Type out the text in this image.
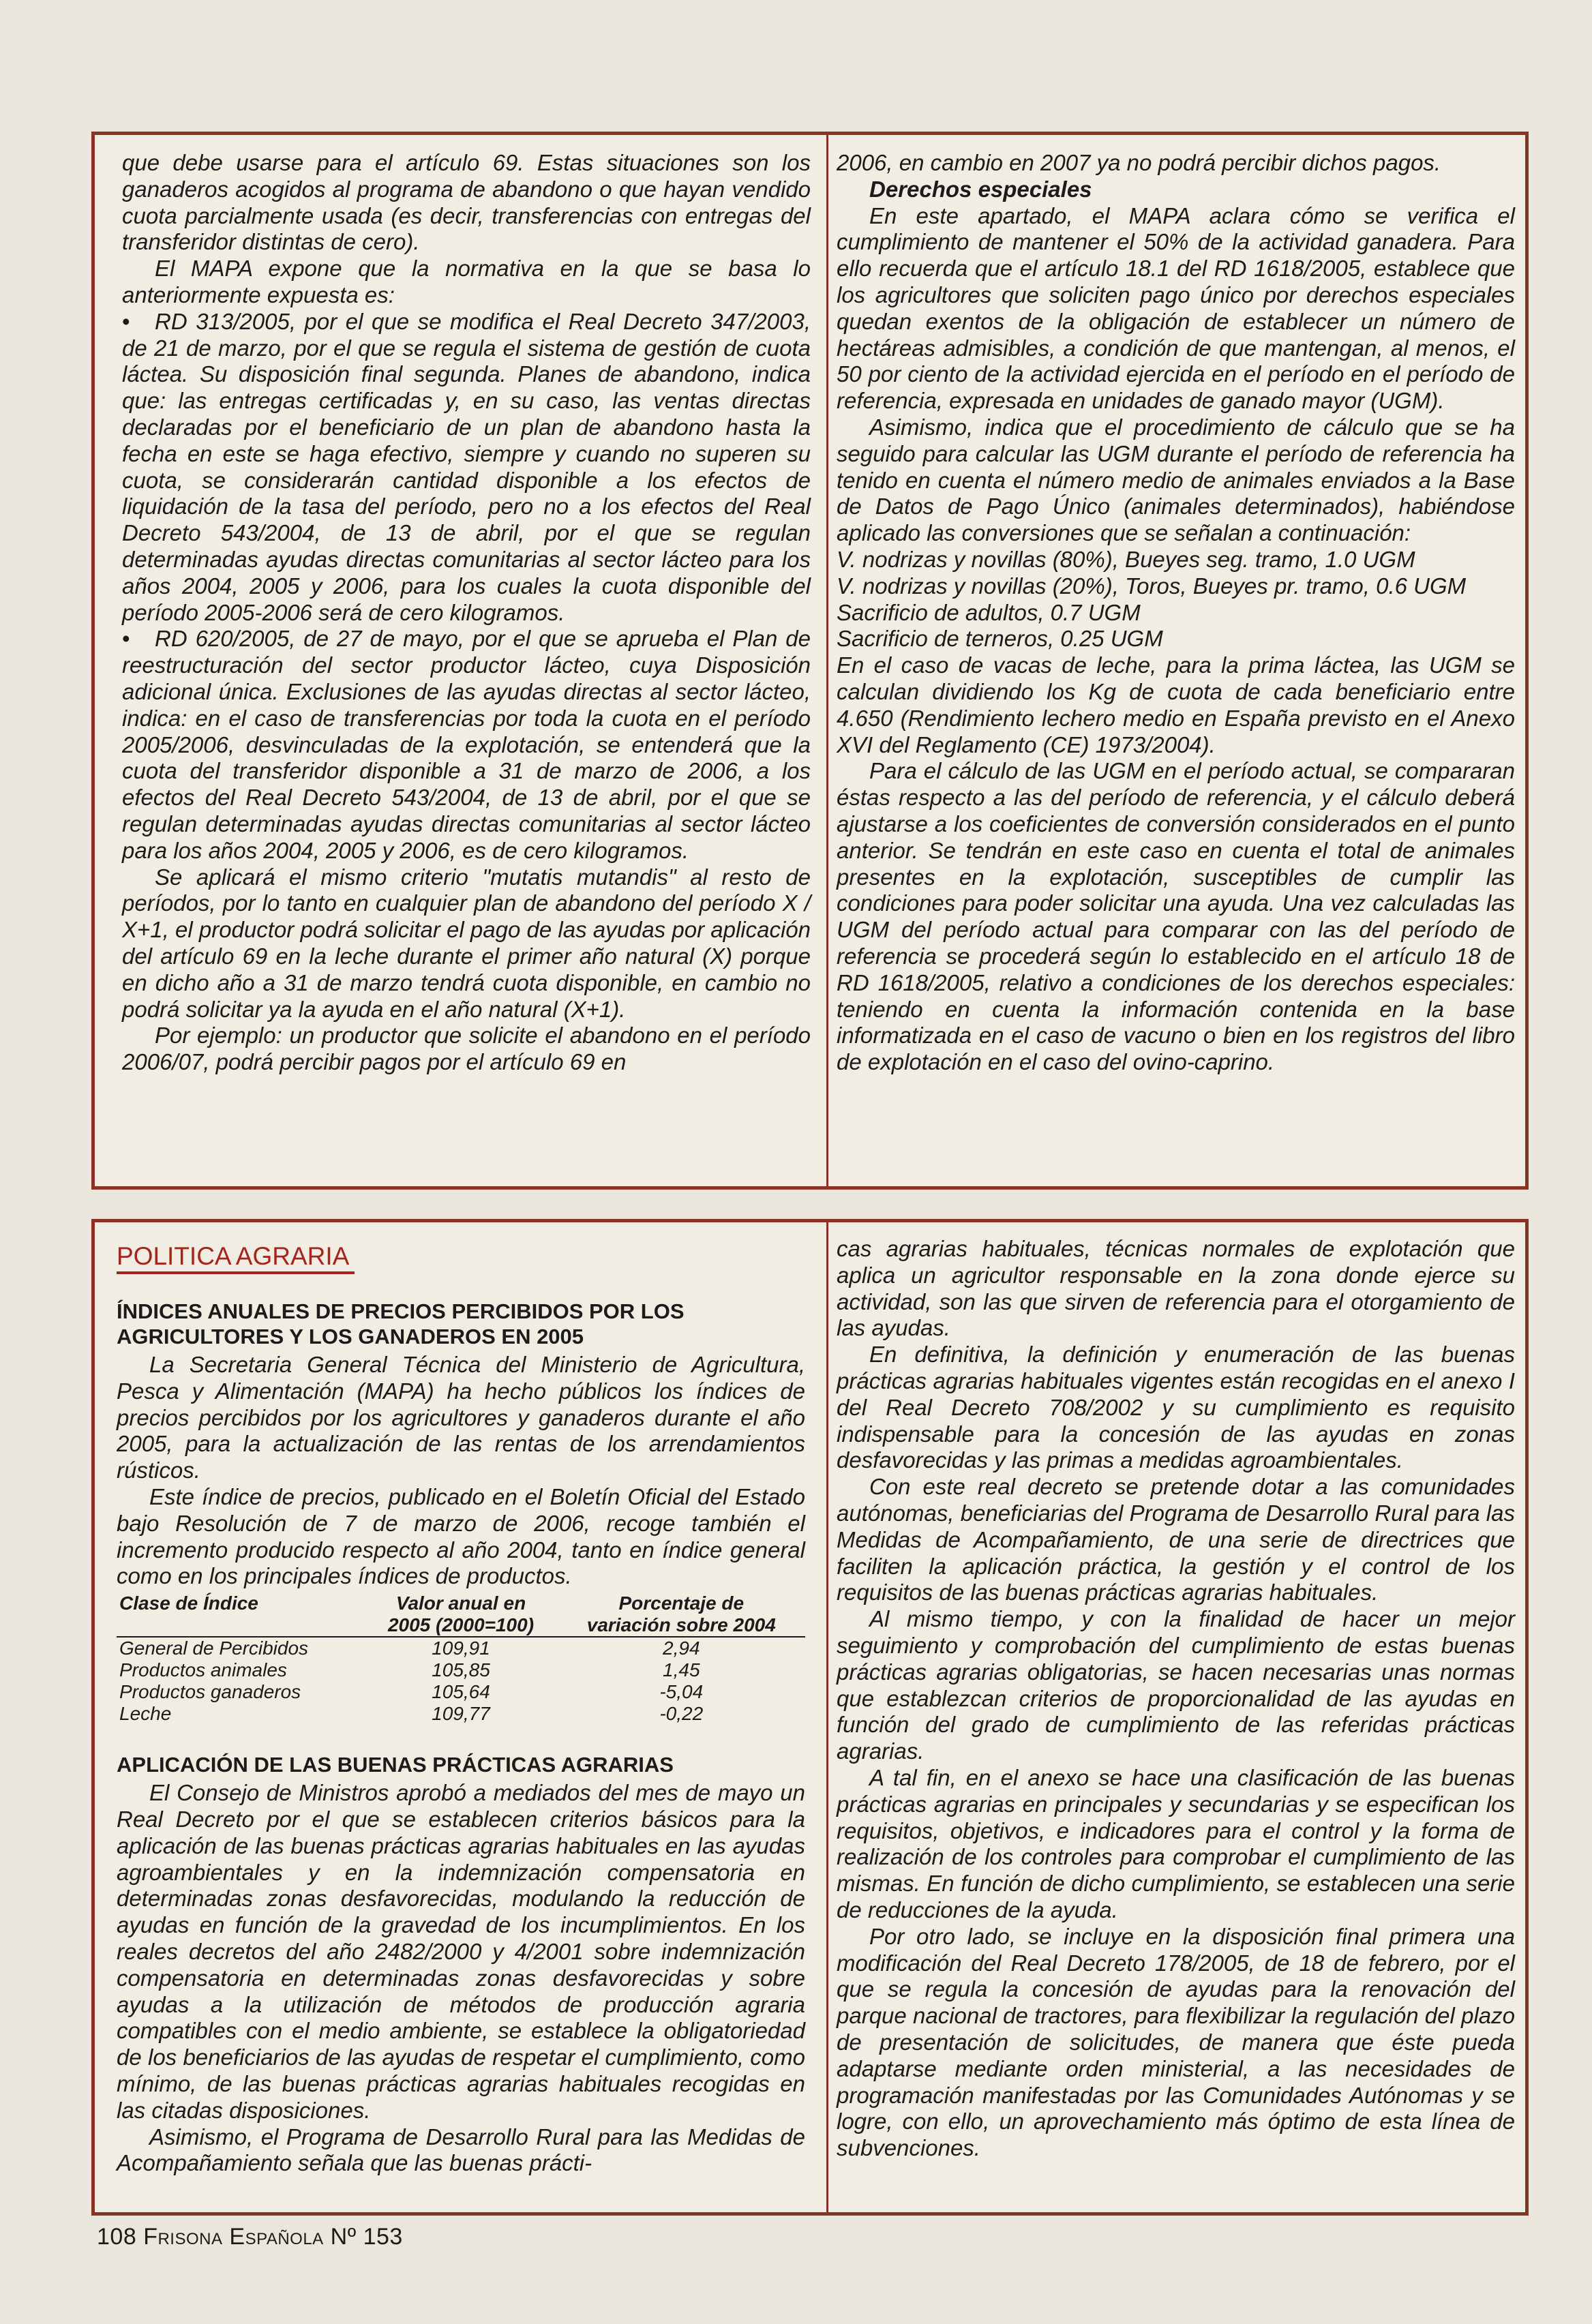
que debe usarse para el artículo 69. Estas situaciones son los ganaderos acogidos al programa de abandono o que hayan vendido cuota parcialmente usada (es decir, transferencias con entregas del transferidor distintas de cero).

El MAPA expone que la normativa en la que se basa lo anteriormente expuesta es:

• RD 313/2005, por el que se modifica el Real Decreto 347/2003, de 21 de marzo, por el que se regula el sistema de gestión de cuota láctea. Su disposición final segunda. Planes de abandono, indica que: las entregas certificadas y, en su caso, las ventas directas declaradas por el beneficiario de un plan de abandono hasta la fecha en este se haga efectivo, siempre y cuando no superen su cuota, se considerarán cantidad disponible a los efectos de liquidación de la tasa del período, pero no a los efectos del Real Decreto 543/2004, de 13 de abril, por el que se regulan determinadas ayudas directas comunitarias al sector lácteo para los años 2004, 2005 y 2006, para los cuales la cuota disponible del período 2005-2006 será de cero kilogramos.

• RD 620/2005, de 27 de mayo, por el que se aprueba el Plan de reestructuración del sector productor lácteo, cuya Disposición adicional única. Exclusiones de las ayudas directas al sector lácteo, indica: en el caso de transferencias por toda la cuota en el período 2005/2006, desvinculadas de la explotación, se entenderá que la cuota del transferidor disponible a 31 de marzo de 2006, a los efectos del Real Decreto 543/2004, de 13 de abril, por el que se regulan determinadas ayudas directas comunitarias al sector lácteo para los años 2004, 2005 y 2006, es de cero kilogramos.

Se aplicará el mismo criterio "mutatis mutandis" al resto de períodos, por lo tanto en cualquier plan de abandono del período X / X+1, el productor podrá solicitar el pago de las ayudas por aplicación del artículo 69 en la leche durante el primer año natural (X) porque en dicho año a 31 de marzo tendrá cuota disponible, en cambio no podrá solicitar ya la ayuda en el año natural (X+1).

Por ejemplo: un productor que solicite el abandono en el período 2006/07, podrá percibir pagos por el artículo 69 en

2006, en cambio en 2007 ya no podrá percibir dichos pagos.

Derechos especiales

En este apartado, el MAPA aclara cómo se verifica el cumplimiento de mantener el 50% de la actividad ganadera. Para ello recuerda que el artículo 18.1 del RD 1618/2005, establece que los agricultores que soliciten pago único por derechos especiales quedan exentos de la obligación de establecer un número de hectáreas admisibles, a condición de que mantengan, al menos, el 50 por ciento de la actividad ejercida en el período en el período de referencia, expresada en unidades de ganado mayor (UGM).

Asimismo, indica que el procedimiento de cálculo que se ha seguido para calcular las UGM durante el período de referencia ha tenido en cuenta el número medio de animales enviados a la Base de Datos de Pago Único (animales determinados), habiéndose aplicado las conversiones que se señalan a continuación:

V. nodrizas y novillas (80%), Bueyes seg. tramo, 1.0 UGM

V. nodrizas y novillas (20%), Toros, Bueyes pr. tramo, 0.6 UGM

Sacrificio de adultos, 0.7 UGM

Sacrificio de terneros, 0.25 UGM

En el caso de vacas de leche, para la prima láctea, las UGM se calculan dividiendo los Kg de cuota de cada beneficiario entre 4.650 (Rendimiento lechero medio en España previsto en el Anexo XVI del Reglamento (CE) 1973/2004).

Para el cálculo de las UGM en el período actual, se compararan éstas respecto a las del período de referencia, y el cálculo deberá ajustarse a los coeficientes de conversión considerados en el punto anterior. Se tendrán en este caso en cuenta el total de animales presentes en la explotación, susceptibles de cumplir las condiciones para poder solicitar una ayuda. Una vez calculadas las UGM del período actual para comparar con las del período de referencia se procederá según lo establecido en el artículo 18 de RD 1618/2005, relativo a condiciones de los derechos especiales: teniendo en cuenta la información contenida en la base informatizada en el caso de vacuno o bien en los registros del libro de explotación en el caso del ovino-caprino.

POLITICA AGRARIA
ÍNDICES ANUALES DE PRECIOS PERCIBIDOS POR LOS AGRICULTORES Y LOS GANADEROS EN 2005

La Secretaria General Técnica del Ministerio de Agricultura, Pesca y Alimentación (MAPA) ha hecho públicos los índices de precios percibidos por los agricultores y ganaderos durante el año 2005, para la actualización de las rentas de los arrendamientos rústicos.

Este índice de precios, publicado en el Boletín Oficial del Estado bajo Resolución de 7 de marzo de 2006, recoge también el incremento producido respecto al año 2004, tanto en índice general como en los principales índices de productos.

Clase de Índice	Valor anual en	Porcentaje de
	2005 (2000=100)	variación sobre 2004
General de Percibidos	109,91	2,94
Productos animales	105,85	1,45
Productos ganaderos	105,64	-5,04
Leche	109,77	-0,22
APLICACIÓN DE LAS BUENAS PRÁCTICAS AGRARIAS

El Consejo de Ministros aprobó a mediados del mes de mayo un Real Decreto por el que se establecen criterios básicos para la aplicación de las buenas prácticas agrarias habituales en las ayudas agroambientales y en la indemnización compensatoria en determinadas zonas desfavorecidas, modulando la reducción de ayudas en función de la gravedad de los incumplimientos. En los reales decretos del año 2482/2000 y 4/2001 sobre indemnización compensatoria en determinadas zonas desfavorecidas y sobre ayudas a la utilización de métodos de producción agraria compatibles con el medio ambiente, se establece la obligatoriedad de los beneficiarios de las ayudas de respetar el cumplimiento, como mínimo, de las buenas prácticas agrarias habituales recogidas en las citadas disposiciones.

Asimismo, el Programa de Desarrollo Rural para las Medidas de Acompañamiento señala que las buenas prácti-

cas agrarias habituales, técnicas normales de explotación que aplica un agricultor responsable en la zona donde ejerce su actividad, son las que sirven de referencia para el otorgamiento de las ayudas.

En definitiva, la definición y enumeración de las buenas prácticas agrarias habituales vigentes están recogidas en el anexo I del Real Decreto 708/2002 y su cumplimiento es requisito indispensable para la concesión de las ayudas en zonas desfavorecidas y las primas a medidas agroambientales.

Con este real decreto se pretende dotar a las comunidades autónomas, beneficiarias del Programa de Desarrollo Rural para las Medidas de Acompañamiento, de una serie de directrices que faciliten la aplicación práctica, la gestión y el control de los requisitos de las buenas prácticas agrarias habituales.

Al mismo tiempo, y con la finalidad de hacer un mejor seguimiento y comprobación del cumplimiento de estas buenas prácticas agrarias obligatorias, se hacen necesarias unas normas que establezcan criterios de proporcionalidad de las ayudas en función del grado de cumplimiento de las referidas prácticas agrarias.

A tal fin, en el anexo se hace una clasificación de las buenas prácticas agrarias en principales y secundarias y se especifican los requisitos, objetivos, e indicadores para el control y la forma de realización de los controles para comprobar el cumplimiento de las mismas. En función de dicho cumplimiento, se establecen una serie de reducciones de la ayuda.

Por otro lado, se incluye en la disposición final primera una modificación del Real Decreto 178/2005, de 18 de febrero, por el que se regula la concesión de ayudas para la renovación del parque nacional de tractores, para flexibilizar la regulación del plazo de presentación de solicitudes, de manera que éste pueda adaptarse mediante orden ministerial, a las necesidades de programación manifestadas por las Comunidades Autónomas y se logre, con ello, un aprovechamiento más óptimo de esta línea de subvenciones.

108 Frisona Española Nº 153
